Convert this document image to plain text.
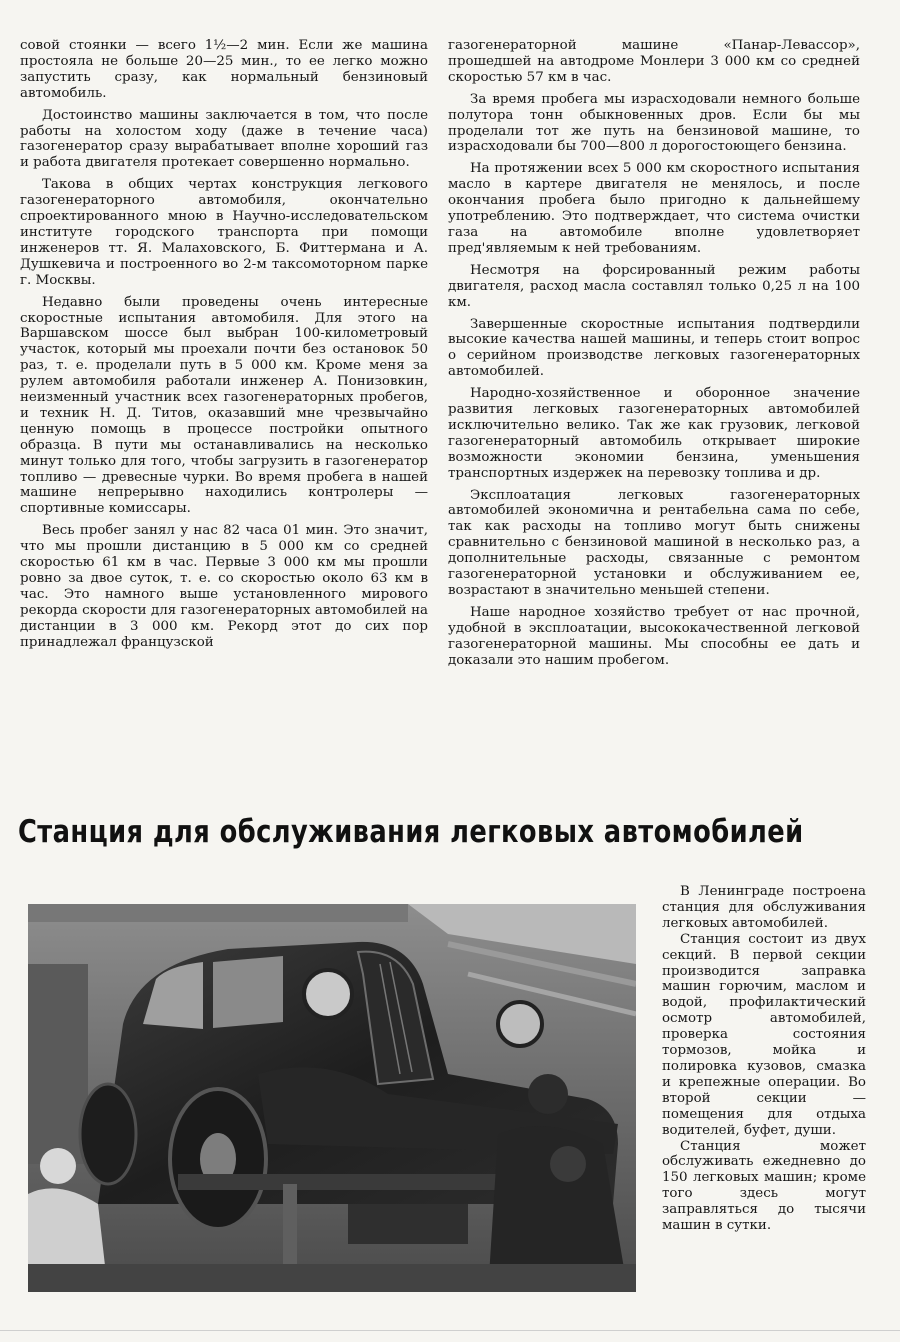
совой стоянки — всего 1½—2 мин. Если же машина простояла не больше 20—25 мин., то ее легко можно запустить сразу, как нормальный бензиновый автомобиль.

Достоинство машины заключается в том, что после работы на холостом ходу (даже в течение часа) газогенератор сразу вырабатывает вполне хороший газ и работа двигателя протекает совершенно нормально.

Такова в общих чертах конструкция легкового газогенераторного автомобиля, окончательно спроектированного мною в Научно-исследовательском институте городского транспорта при помощи инженеров тт. Я. Малаховского, Б. Фиттермана и А. Душкевича и построенного во 2-м таксомоторном парке г. Москвы.

Недавно были проведены очень интересные скоростные испытания автомобиля. Для этого на Варшавском шоссе был выбран 100-километровый участок, который мы проехали почти без остановок 50 раз, т. е. проделали путь в 5 000 км. Кроме меня за рулем автомобиля работали инженер А. Понизовкин, неизменный участник всех газогенераторных пробегов, и техник Н. Д. Титов, оказавший мне чрезвычайно ценную помощь в процессе постройки опытного образца. В пути мы останавливались на несколько минут только для того, чтобы загрузить в газогенератор топливо — древесные чурки. Во время пробега в нашей машине непрерывно находились контролеры — спортивные комиссары.

Весь пробег занял у нас 82 часа 01 мин. Это значит, что мы прошли дистанцию в 5 000 км со средней скоростью 61 км в час. Первые 3 000 км мы прошли ровно за двое суток, т. е. со скоростью около 63 км в час. Это намного выше установленного мирового рекорда скорости для газогенераторных автомобилей на дистанции в 3 000 км. Рекорд этот до сих пор принадлежал французской

газогенераторной машине «Панар-Левассор», прошедшей на автодроме Монлери 3 000 км со средней скоростью 57 км в час.

За время пробега мы израсходовали немного больше полутора тонн обыкновенных дров. Если бы мы проделали тот же путь на бензиновой машине, то израсходовали бы 700—800 л дорогостоющего бензина.

На протяжении всех 5 000 км скоростного испытания масло в картере двигателя не менялось, и после окончания пробега было пригодно к дальнейшему употреблению. Это подтверждает, что система очистки газа на автомобиле вполне удовлетворяет пред'являемым к ней требованиям.

Несмотря на форсированный режим работы двигателя, расход масла составлял только 0,25 л на 100 км.

Завершенные скоростные испытания подтвердили высокие качества нашей машины, и теперь стоит вопрос о серийном производстве легковых газогенераторных автомобилей.

Народно-хозяйственное и оборонное значение развития легковых газогенераторных автомобилей исключительно велико. Так же как грузовик, легковой газогенераторный автомобиль открывает широкие возможности экономии бензина, уменьшения транспортных издержек на перевозку топлива и др.

Эксплоатация легковых газогенераторных автомобилей экономична и рентабельна сама по себе, так как расходы на топливо могут быть снижены сравнительно с бензиновой машиной в несколько раз, а дополнительные расходы, связанные с ремонтом газогенераторной установки и обслуживанием ее, возрастают в значительно меньшей степени.

Наше народное хозяйство требует от нас прочной, удобной в эксплоатации, высококачественной легковой газогенераторной машины. Мы способны ее дать и доказали это нашим пробегом.

Станция для обслуживания легковых автомобилей

В Ленинграде построена станция для обслуживания легковых автомобилей.

Станция состоит из двух секций. В первой секции производится заправка машин горючим, маслом и водой, профилактический осмотр автомобилей, проверка состояния тормозов, мойка и полировка кузовов, смазка и крепежные операции. Во второй секции — помещения для отдыха водителей, буфет, души.

Станция может обслуживать ежедневно до 150 легковых машин; кроме того здесь могут заправляться до тысячи машин в сутки.
